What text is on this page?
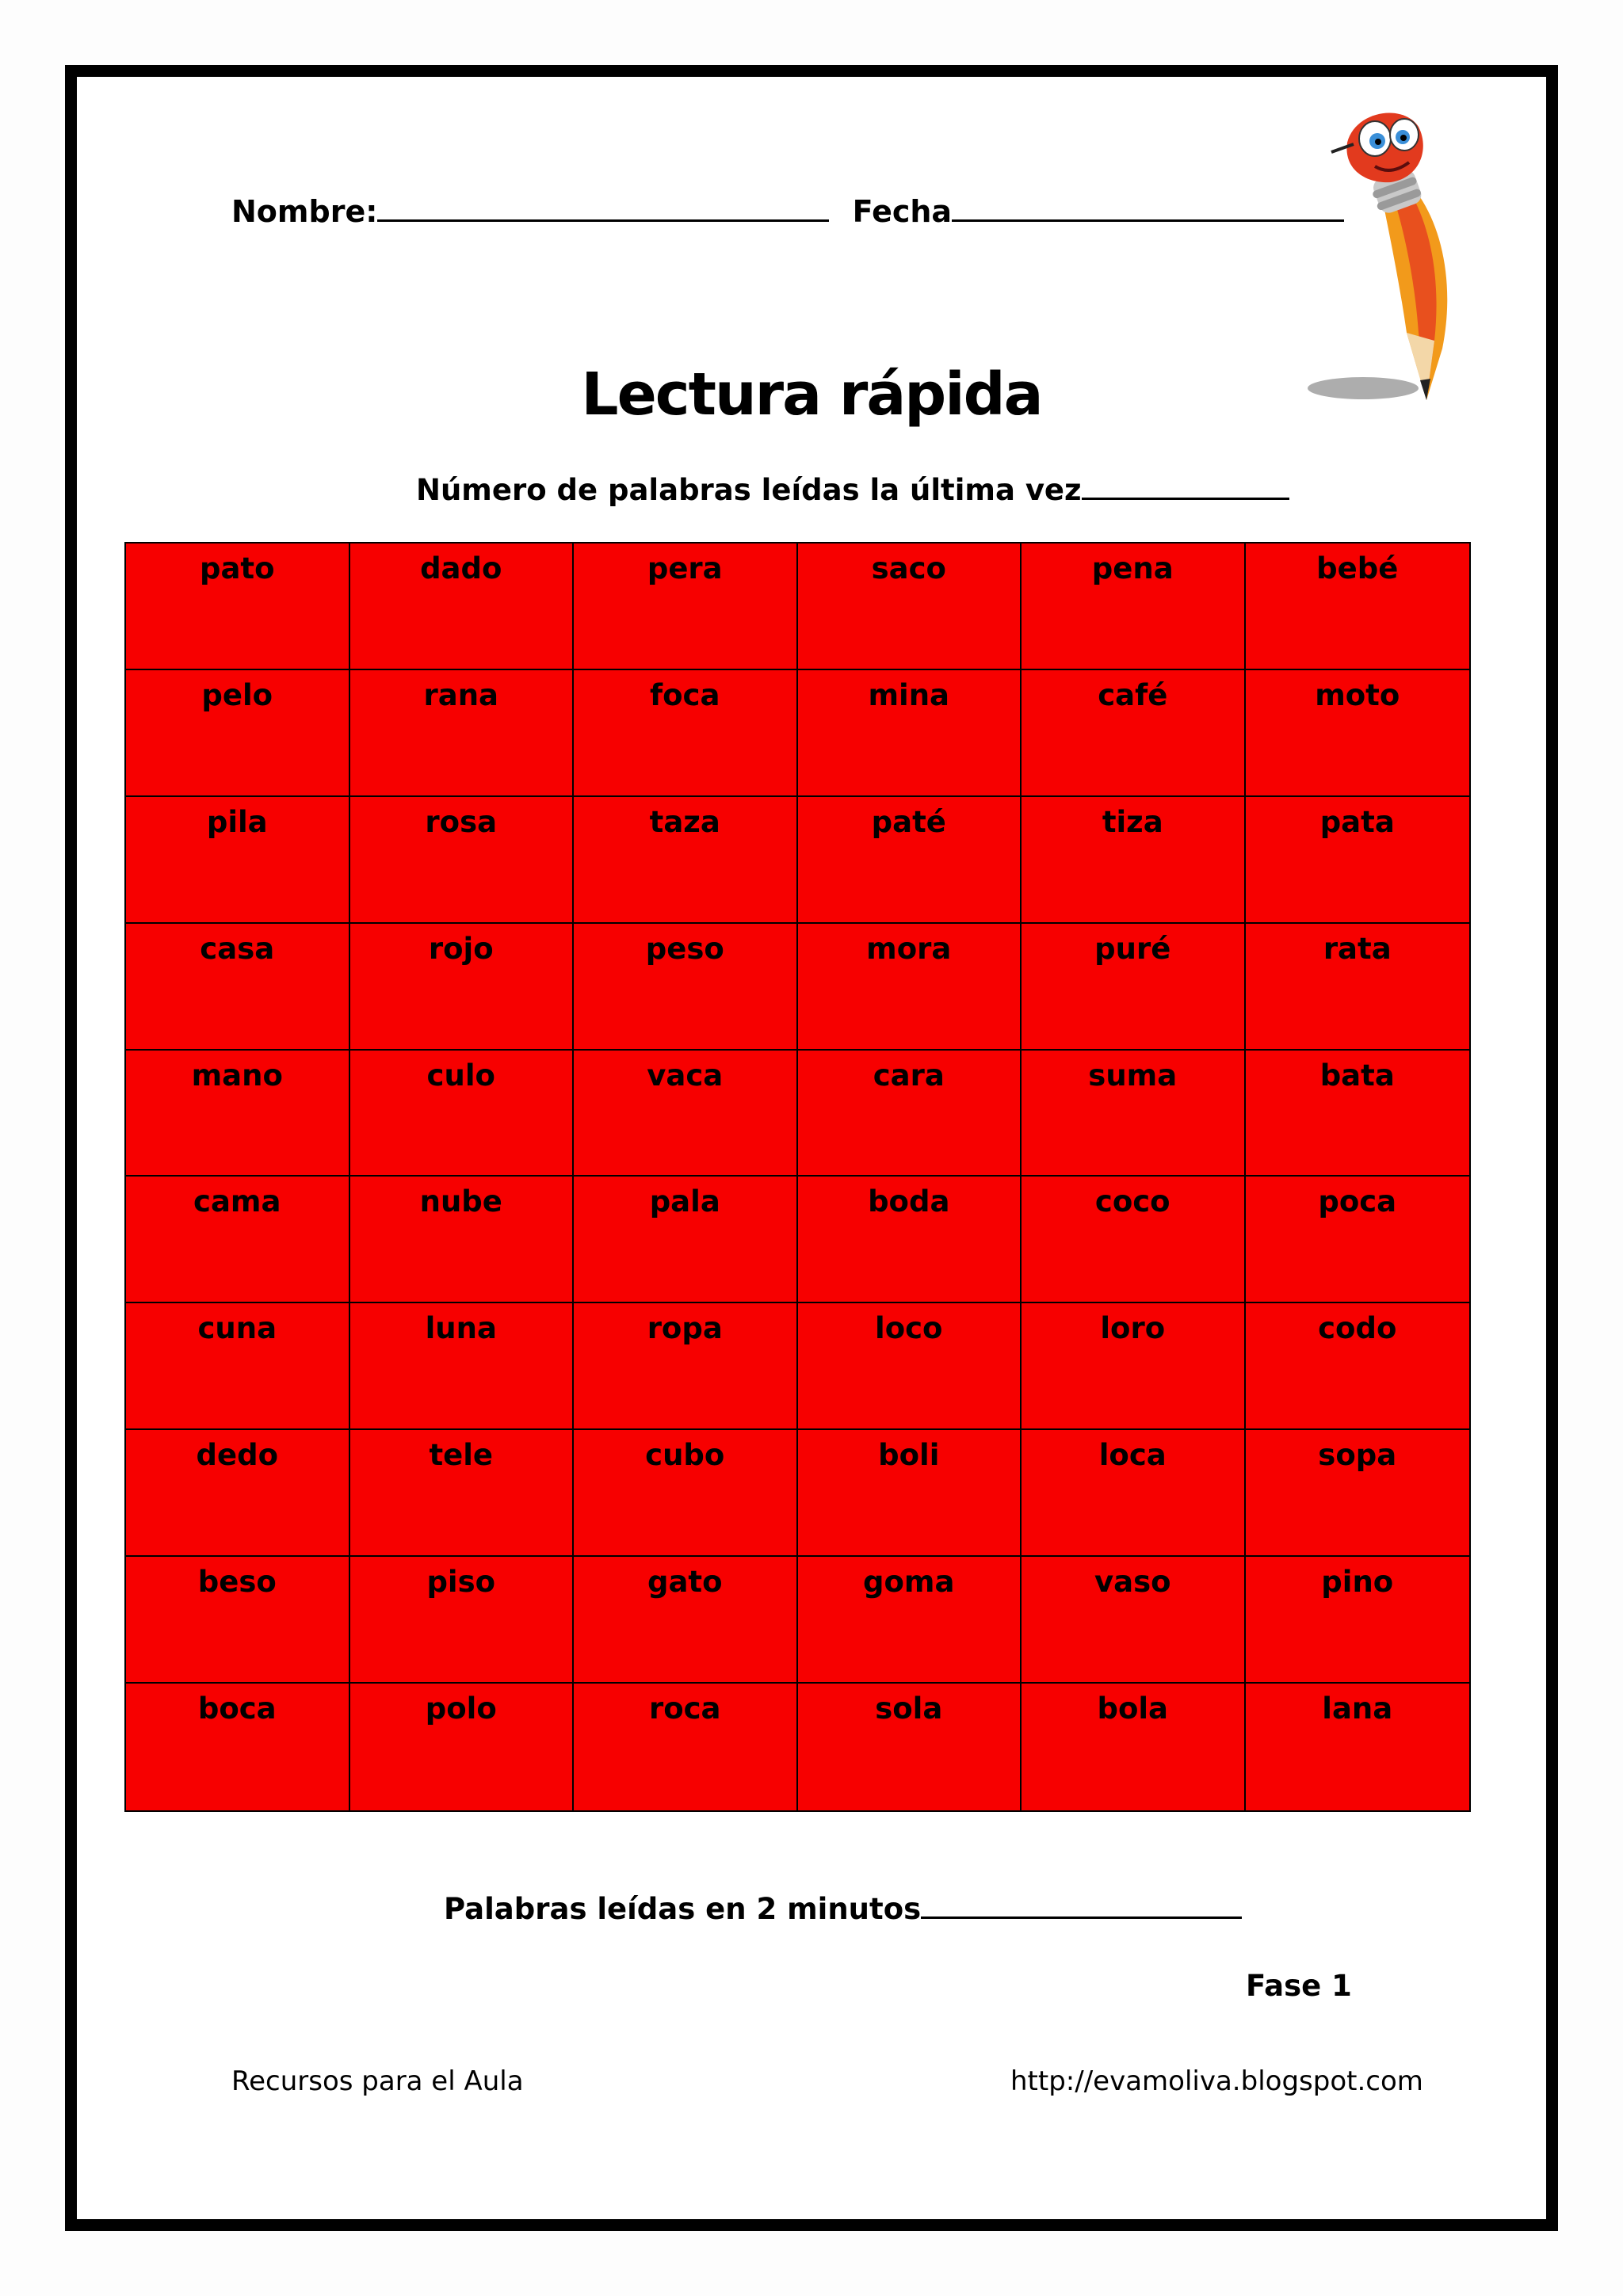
Nombre:	Fecha
Lectura rápida
Número de palabras leídas la última vez
pato	dado	pera	saco	pena	bebé
pelo	rana	foca	mina	café	moto
pila	rosa	taza	paté	tiza	pata
casa	rojo	peso	mora	puré	rata
mano	culo	vaca	cara	suma	bata
cama	nube	pala	boda	coco	poca
cuna	luna	ropa	loco	loro	codo
dedo	tele	cubo	boli	loca	sopa
beso	piso	gato	goma	vaso	pino
boca	polo	roca	sola	bola	lana
Palabras leídas en 2 minutos
Fase 1
Recursos para el Aula	http://evamoliva.blogspot.com
